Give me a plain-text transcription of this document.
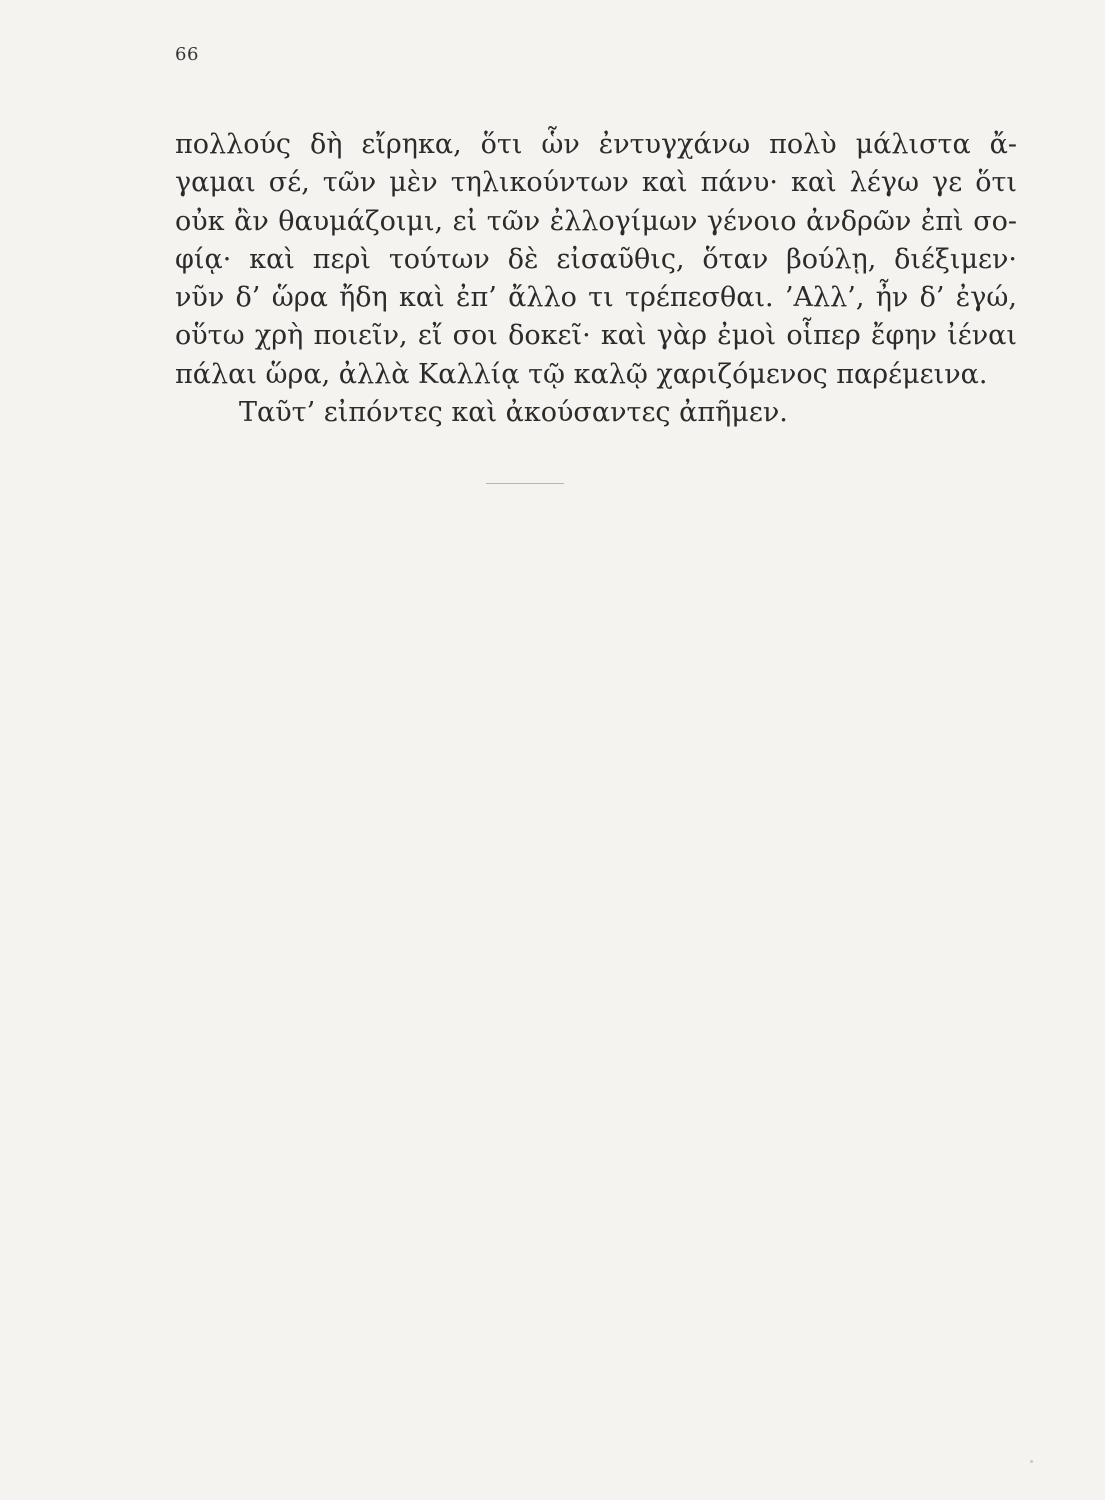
66
πολλούς δὴ εἴρηκα, ὅτι ὧν ἐντυγχάνω πολὺ μάλιστα ἄ-
γαμαι σέ, τῶν μὲν τηλικούντων καὶ πάνυ· καὶ λέγω γε ὅτι
οὐκ ἂν θαυμάζοιμι, εἰ τῶν ἐλλογίμων γένοιο ἀνδρῶν ἐπὶ σο-
φίᾳ· καὶ περὶ τούτων δὲ εἰσαῦθις, ὅταν βούλῃ, διέξιμεν·
νῦν δ’ ὥρα ἤδη καὶ ἐπ’ ἄλλο τι τρέπεσθαι. ’Αλλ’, ἦν δ’ ἐγώ,
οὕτω χρὴ ποιεῖν, εἴ σοι δοκεῖ· καὶ γὰρ ἐμοὶ οἷπερ ἔφην ἰέναι
πάλαι ὥρα, ἀλλὰ Καλλίᾳ τῷ καλῷ χαριζόμενος παρέμεινα.
Ταῦτ’ εἰπόντες καὶ ἀκούσαντες ἀπῆμεν.
